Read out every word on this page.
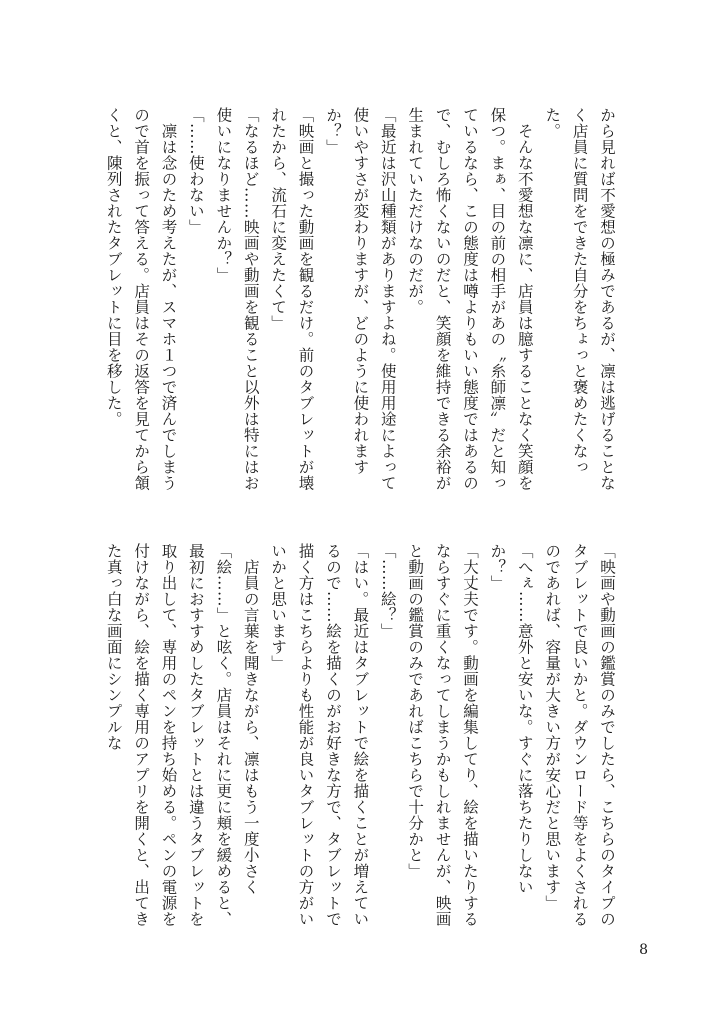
から見れば不愛想の極みであるが、凛は逃げることなく店員に質問をできた自分をちょっと褒めたくなった。

　そんな不愛想な凛に、店員は臆することなく笑顔を保つ。まぁ、目の前の相手があの〝糸師凛〟だと知っているなら、この態度は噂よりもいい態度ではあるので、むしろ怖くないのだと、笑顔を維持できる余裕が生まれていただけなのだが。

「最近は沢山種類がありますよね。使用用途によって使いやすさが変わりますが、どのように使われますか？」

「映画と撮った動画を観るだけ。前のタブレットが壊れたから、流石に変えたくて」

「なるほど……映画や動画を観ること以外は特にはお使いになりませんか？」

「……使わない」

　凛は念のため考えたが、スマホ１つで済んでしまうので首を振って答える。店員はその返答を見てから頷くと、陳列されたタブレットに目を移した。

「映画や動画の鑑賞のみでしたら、こちらのタイプのタブレットで良いかと。ダウンロード等をよくされるのであれば、容量が大きい方が安心だと思います」

「へぇ……意外と安いな。すぐに落ちたりしないか？」

「大丈夫です。動画を編集してり、絵を描いたりするならすぐに重くなってしまうかもしれませんが、映画と動画の鑑賞のみであればこちらで十分かと」

「……絵？」

「はい。最近はタブレットで絵を描くことが増えているので……絵を描くのがお好きな方で、タブレットで描く方はこちらよりも性能が良いタブレットの方がいいかと思います」

　店員の言葉を聞きながら、凛はもう一度小さく「絵……」と呟く。店員はそれに更に頬を緩めると、最初におすすめしたタブレットとは違うタブレットを取り出して、専用のペンを持ち始める。ペンの電源を付けながら、絵を描く専用のアプリを開くと、出てきた真っ白な画面にシンプルな

8
